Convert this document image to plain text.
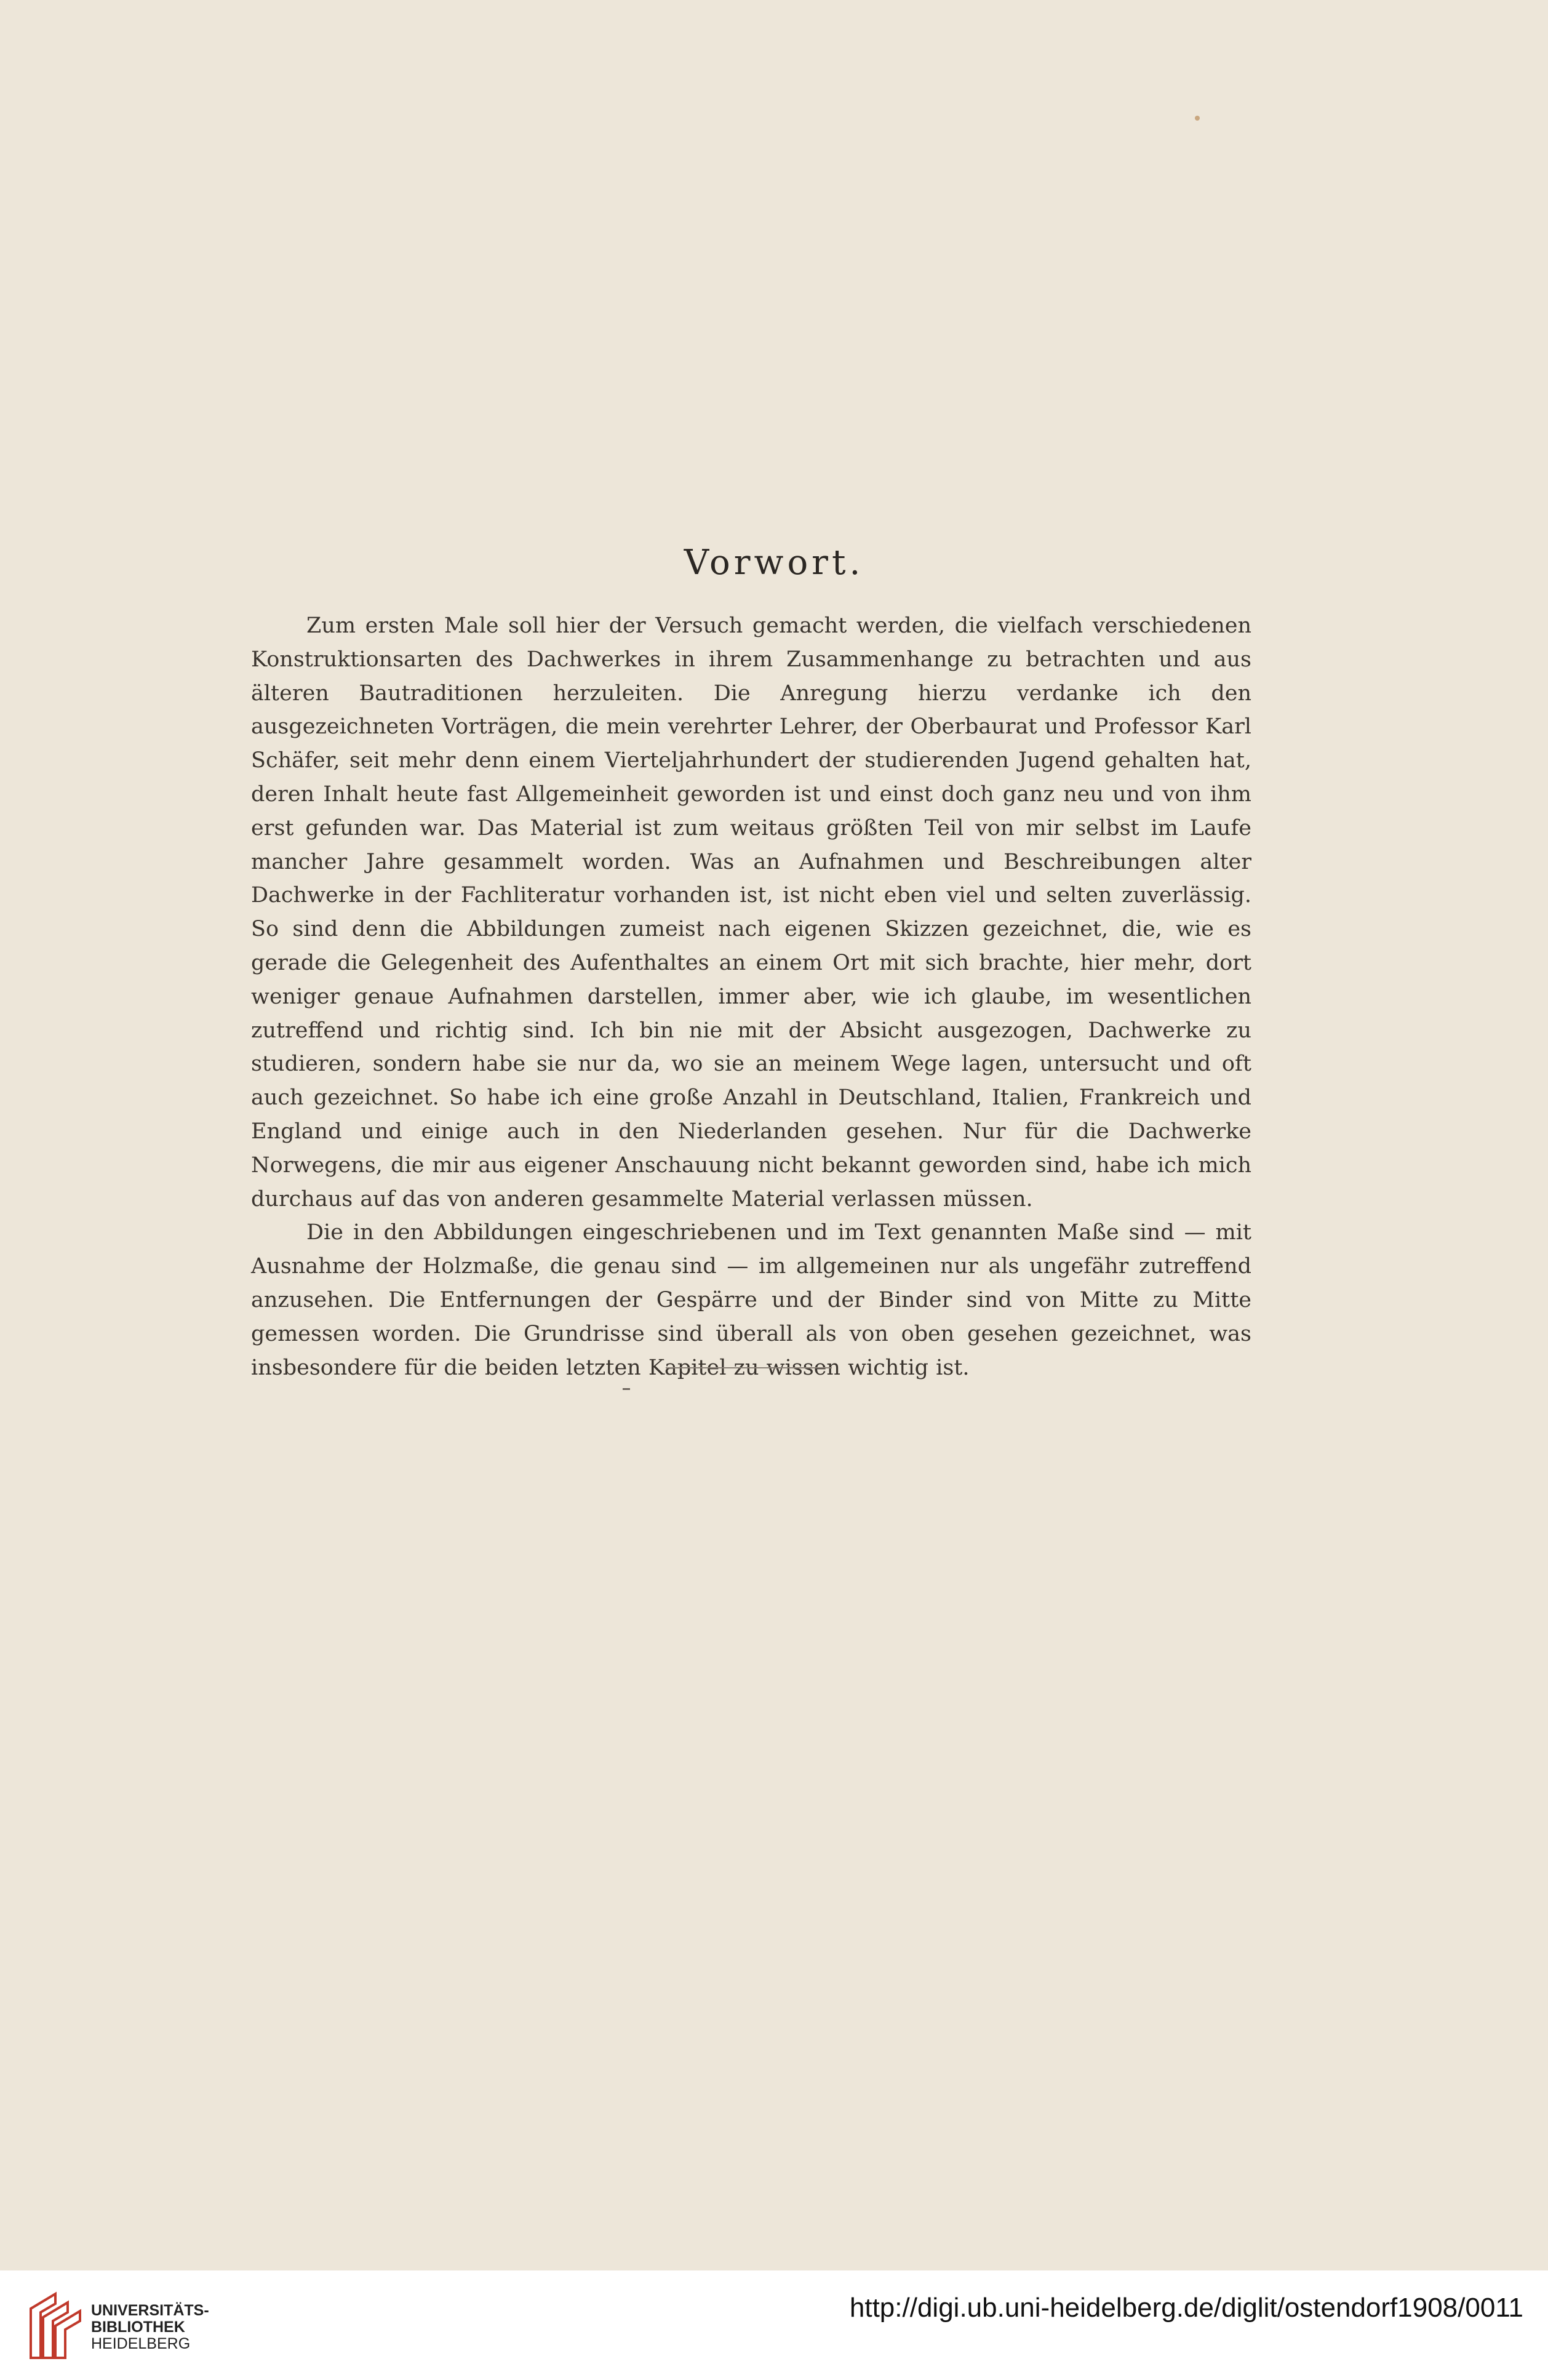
Vorwort.

Zum ersten Male soll hier der Versuch gemacht werden, die vielfach verschiedenen Konstruktionsarten des Dachwerkes in ihrem Zusammenhange zu betrachten und aus älteren Bautraditionen herzuleiten. Die Anregung hierzu verdanke ich den ausgezeichneten Vorträgen, die mein verehrter Lehrer, der Oberbaurat und Professor Karl Schäfer, seit mehr denn einem Vierteljahrhundert der studierenden Jugend gehalten hat, deren Inhalt heute fast Allgemeinheit geworden ist und einst doch ganz neu und von ihm erst gefunden war. Das Material ist zum weitaus größten Teil von mir selbst im Laufe mancher Jahre gesammelt worden. Was an Aufnahmen und Beschreibungen alter Dachwerke in der Fachliteratur vorhanden ist, ist nicht eben viel und selten zuverlässig. So sind denn die Abbildungen zumeist nach eigenen Skizzen gezeichnet, die, wie es gerade die Gelegenheit des Aufenthaltes an einem Ort mit sich brachte, hier mehr, dort weniger genaue Aufnahmen darstellen, immer aber, wie ich glaube, im wesentlichen zutreffend und richtig sind. Ich bin nie mit der Absicht ausgezogen, Dachwerke zu studieren, sondern habe sie nur da, wo sie an meinem Wege lagen, untersucht und oft auch gezeichnet. So habe ich eine große Anzahl in Deutschland, Italien, Frankreich und England und einige auch in den Niederlanden gesehen. Nur für die Dachwerke Norwegens, die mir aus eigener Anschauung nicht bekannt geworden sind, habe ich mich durchaus auf das von anderen gesammelte Material verlassen müssen.

Die in den Abbildungen eingeschriebenen und im Text genannten Maße sind — mit Ausnahme der Holzmaße, die genau sind — im allgemeinen nur als ungefähr zutreffend anzusehen. Die Entfernungen der Gespärre und der Binder sind von Mitte zu Mitte gemessen worden. Die Grundrisse sind überall als von oben gesehen gezeichnet, was insbesondere für die beiden letzten Kapitel zu wissen wichtig ist.

UNIVERSITÄTS-
BIBLIOTHEK
HEIDELBERG
http://digi.ub.uni-heidelberg.de/diglit/ostendorf1908/0011
